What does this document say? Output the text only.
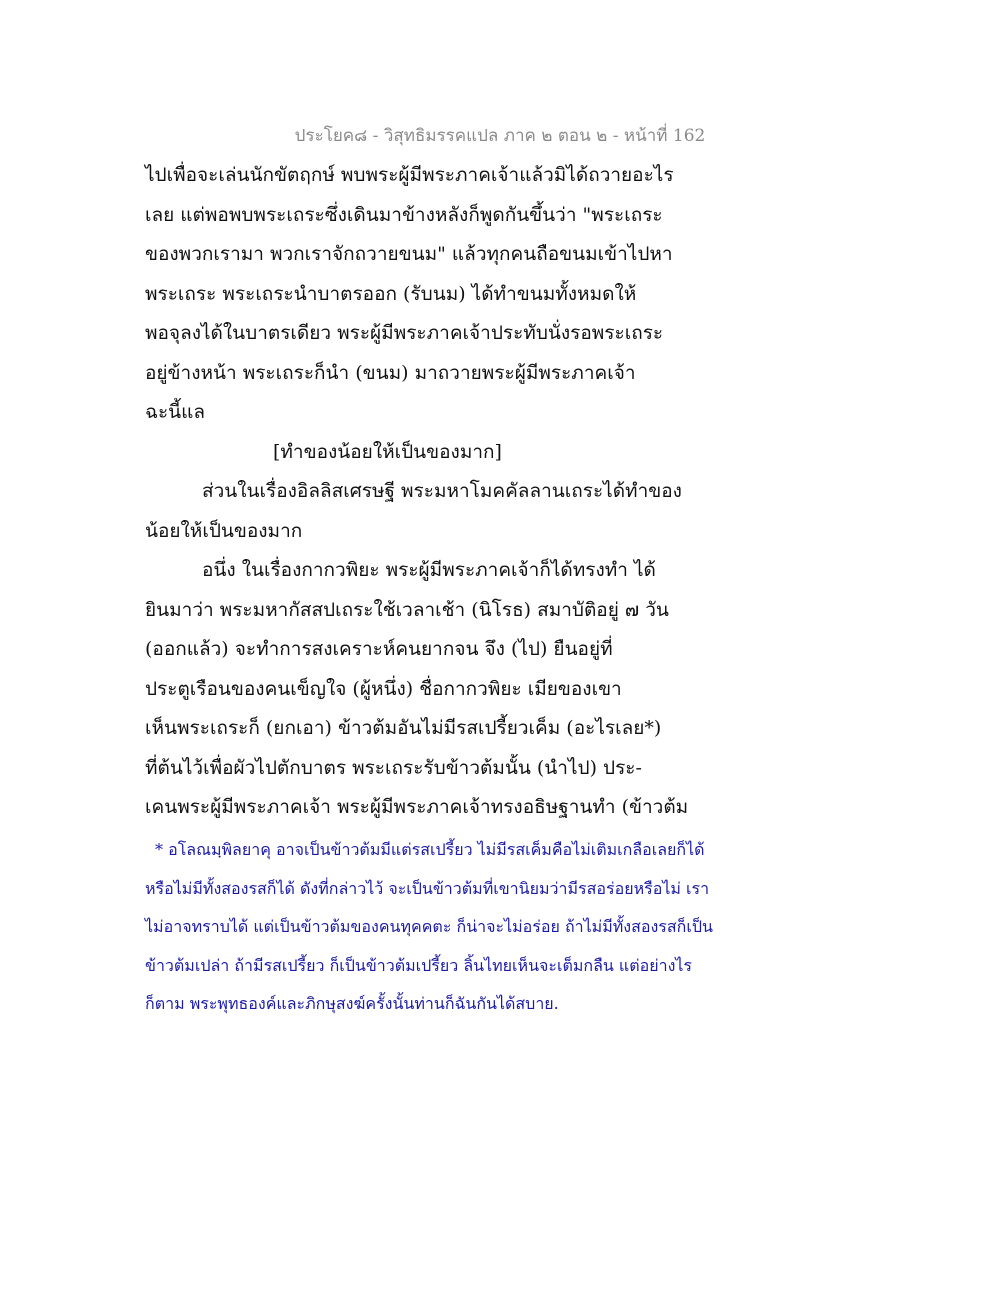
ประโยค๘ - วิสุทธิมรรคแปล ภาค ๒ ตอน ๒ - หน้าที่ 162
ไปเพื่อจะเล่นนักขัตฤกษ์ พบพระผู้มีพระภาคเจ้าแล้วมิได้ถวายอะไร
เลย แต่พอพบพระเถระซึ่งเดินมาข้างหลังก็พูดกันขึ้นว่า "พระเถระ
ของพวกเรามา พวกเราจักถวายขนม" แล้วทุกคนถือขนมเข้าไปหา
พระเถระ พระเถระนำบาตรออก (รับนม) ได้ทำขนมทั้งหมดให้
พอจุลงได้ในบาตรเดียว พระผู้มีพระภาคเจ้าประทับนั่งรอพระเถระ
อยู่ข้างหน้า พระเถระก็นำ (ขนม) มาถวายพระผู้มีพระภาคเจ้า
ฉะนี้แล
[ทำของน้อยให้เป็นของมาก]
ส่วนในเรื่องอิลลิสเศรษฐี พระมหาโมคคัลลานเถระได้ทำของ
น้อยให้เป็นของมาก
อนึ่ง ในเรื่องกากวพิยะ พระผู้มีพระภาคเจ้าก็ได้ทรงทำ ได้
ยินมาว่า พระมหากัสสปเถระใช้เวลาเช้า (นิโรธ) สมาบัติอยู่ ๗ วัน
(ออกแล้ว) จะทำการสงเคราะห์คนยากจน จึง (ไป) ยืนอยู่ที่
ประตูเรือนของคนเข็ญใจ (ผู้หนึ่ง) ชื่อกากวพิยะ เมียของเขา
เห็นพระเถระก็ (ยกเอา) ข้าวต้มอันไม่มีรสเปรี้ยวเค็ม (อะไรเลย*)
ที่ต้นไว้เพื่อผัวไปตักบาตร พระเถระรับข้าวต้มนั้น (นำไป) ประ-
เคนพระผู้มีพระภาคเจ้า พระผู้มีพระภาคเจ้าทรงอธิษฐานทำ (ข้าวต้ม
* อโลณมฺพิลยาคุ อาจเป็นข้าวต้มมีแต่รสเปรี้ยว ไม่มีรสเค็มคือไม่เติมเกลือเลยก็ได้
หรือไม่มีทั้งสองรสก็ได้ ดังที่กล่าวไว้ จะเป็นข้าวต้มที่เขานิยมว่ามีรสอร่อยหรือไม่ เรา
ไม่อาจทราบได้ แต่เป็นข้าวต้มของคนทุคคตะ ก็น่าจะไม่อร่อย ถ้าไม่มีทั้งสองรสก็เป็น
ข้าวต้มเปล่า ถ้ามีรสเปรี้ยว ก็เป็นข้าวต้มเปรี้ยว ลิ้นไทยเห็นจะเต็มกลืน แต่อย่างไร
ก็ตาม พระพุทธองค์และภิกษุสงฆ์ครั้งนั้นท่านก็ฉันกันได้สบาย.
